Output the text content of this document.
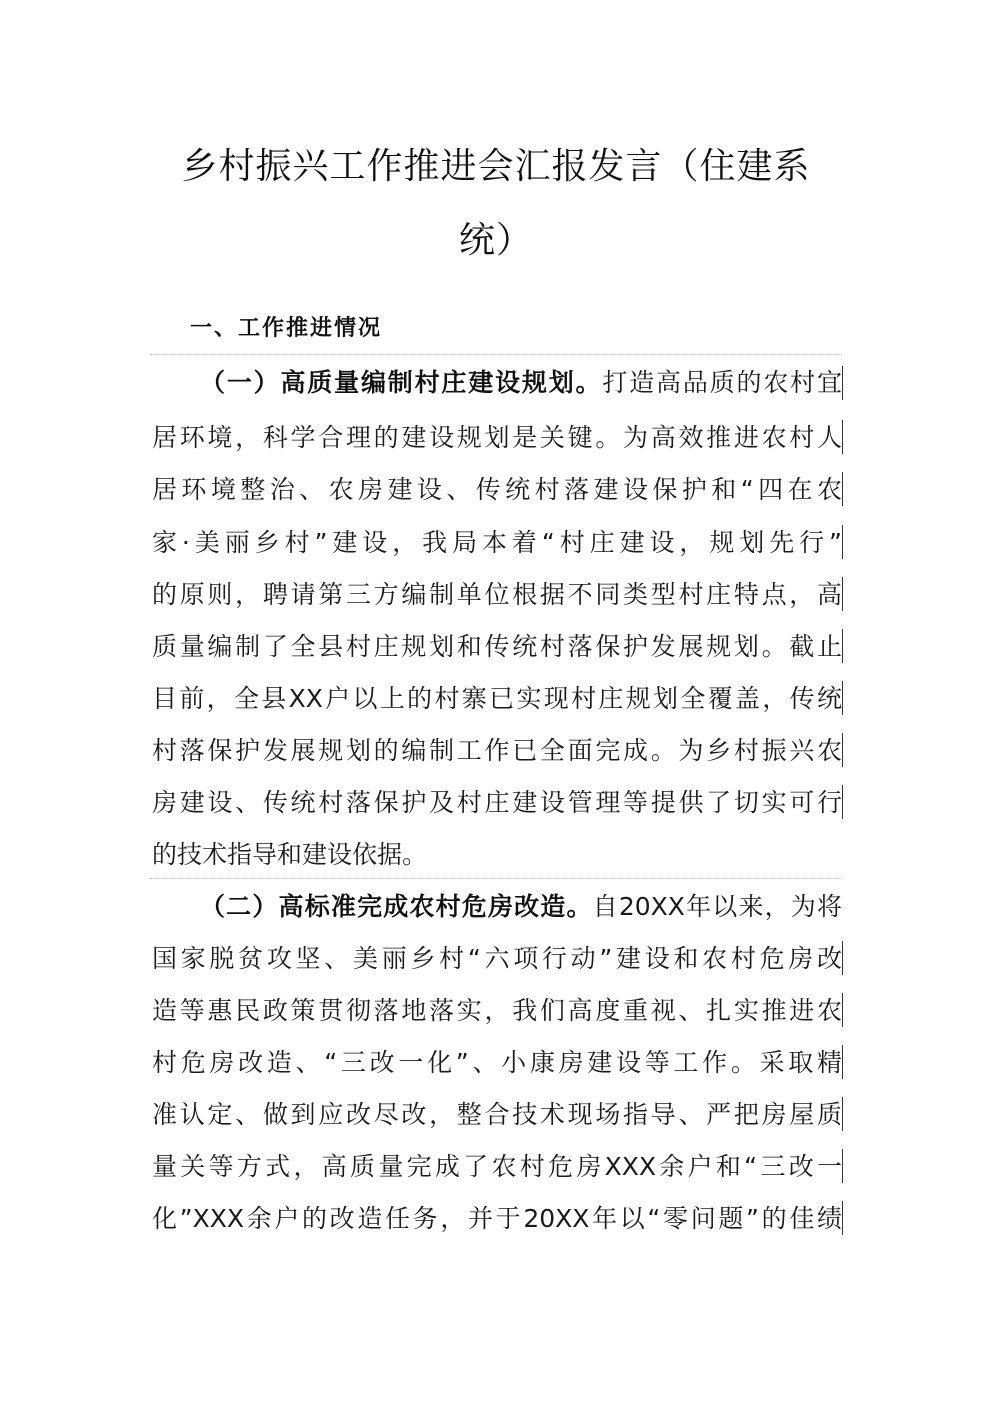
乡村振兴工作推进会汇报发言（住建系
统）
一、工作推进情况
（一）高质量编制村庄建设规划。打造高品质的农村宜
居环境，科学合理的建设规划是关键。为高效推进农村人
居环境整治、农房建设、传统村落建设保护和“四在农
家·美丽乡村”建设，我局本着“村庄建设，规划先行”
的原则，聘请第三方编制单位根据不同类型村庄特点，高
质量编制了全县村庄规划和传统村落保护发展规划。截止
目前，全县XX户以上的村寨已实现村庄规划全覆盖，传统
村落保护发展规划的编制工作已全面完成。为乡村振兴农
房建设、传统村落保护及村庄建设管理等提供了切实可行
的技术指导和建设依据。
（二）高标准完成农村危房改造。自20XX年以来，为将
国家脱贫攻坚、美丽乡村“六项行动”建设和农村危房改
造等惠民政策贯彻落地落实，我们高度重视、扎实推进农
村危房改造、“三改一化”、小康房建设等工作。采取精
准认定、做到应改尽改，整合技术现场指导、严把房屋质
量关等方式，高质量完成了农村危房XXX余户和“三改一
化”XXX余户的改造任务，并于20XX年以“零问题”的佳绩
